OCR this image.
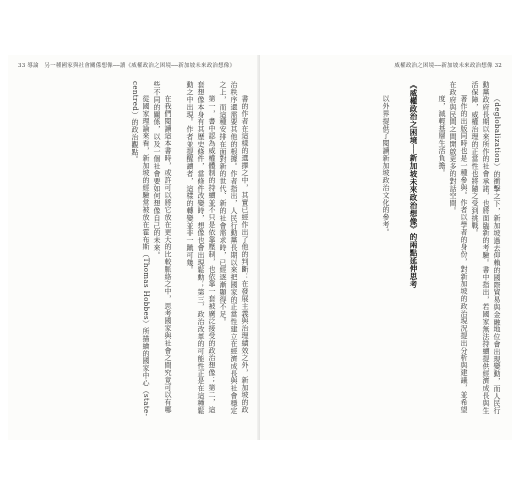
33 導論　另一種國家與社會關係想像──讀《威權政治之困境──新加坡未來政治想像》

書的作者在這樣的選擇之中，其實已經作出了他的判斷：在發展主義與治理績效之外，新加坡的政治秩序還需要其他的根據。作者指出，人民行動黨長期以來把國家的正當性建立在經濟成長與社會穩定之上，而這種安排在面對新的世代、新的社會需求時，已經逐漸顯得不足。

第一，書中認為威權體制的持續並不只是依靠壓制，也依靠一套被廣泛接受的政治想像；第二，這套想像本身有其歷史條件，當條件改變時，想像也會出現鬆動；第三，政治改革的可能性正是在這種鬆動之中出現。作者並提醒讀者，這樣的轉變並非一蹴可幾。

在我們閱讀這本書時，或許可以將它放在更大的比較脈絡之中，思考國家與社會之間究竟可以有哪些不同的關係，以及一個社會要如何想像自己的未來。

從國家理論來看，新加坡的經驗常被放在霍布斯（Thomas Hobbes）所描繪的國家中心（state-centred）的政治觀點。

威權政治之困境──新加坡未來政治想像 32

（deglobalization）的衝擊之下，新加坡過去仰賴的國際貿易與金融地位會出現變動，而人民行動黨政府長期以來所作的社會承諾，也將面臨新的考驗。書中指出，若國家無法持續提供經濟成長與生活保障，威權治理的正當性也將隨之受到挑戰。

著作的出版同時也是一種參與。作者以學者的身份，對新加坡的政治現況提出分析與建議，並希望在政府與民間之間開啟更多的對話空間。

度，減輕基層生活負擔。

《威權政治之困境──新加坡未來政治想像》的兩點延伸思考

以外界提供了閱讀新加坡政治文化的參考。
